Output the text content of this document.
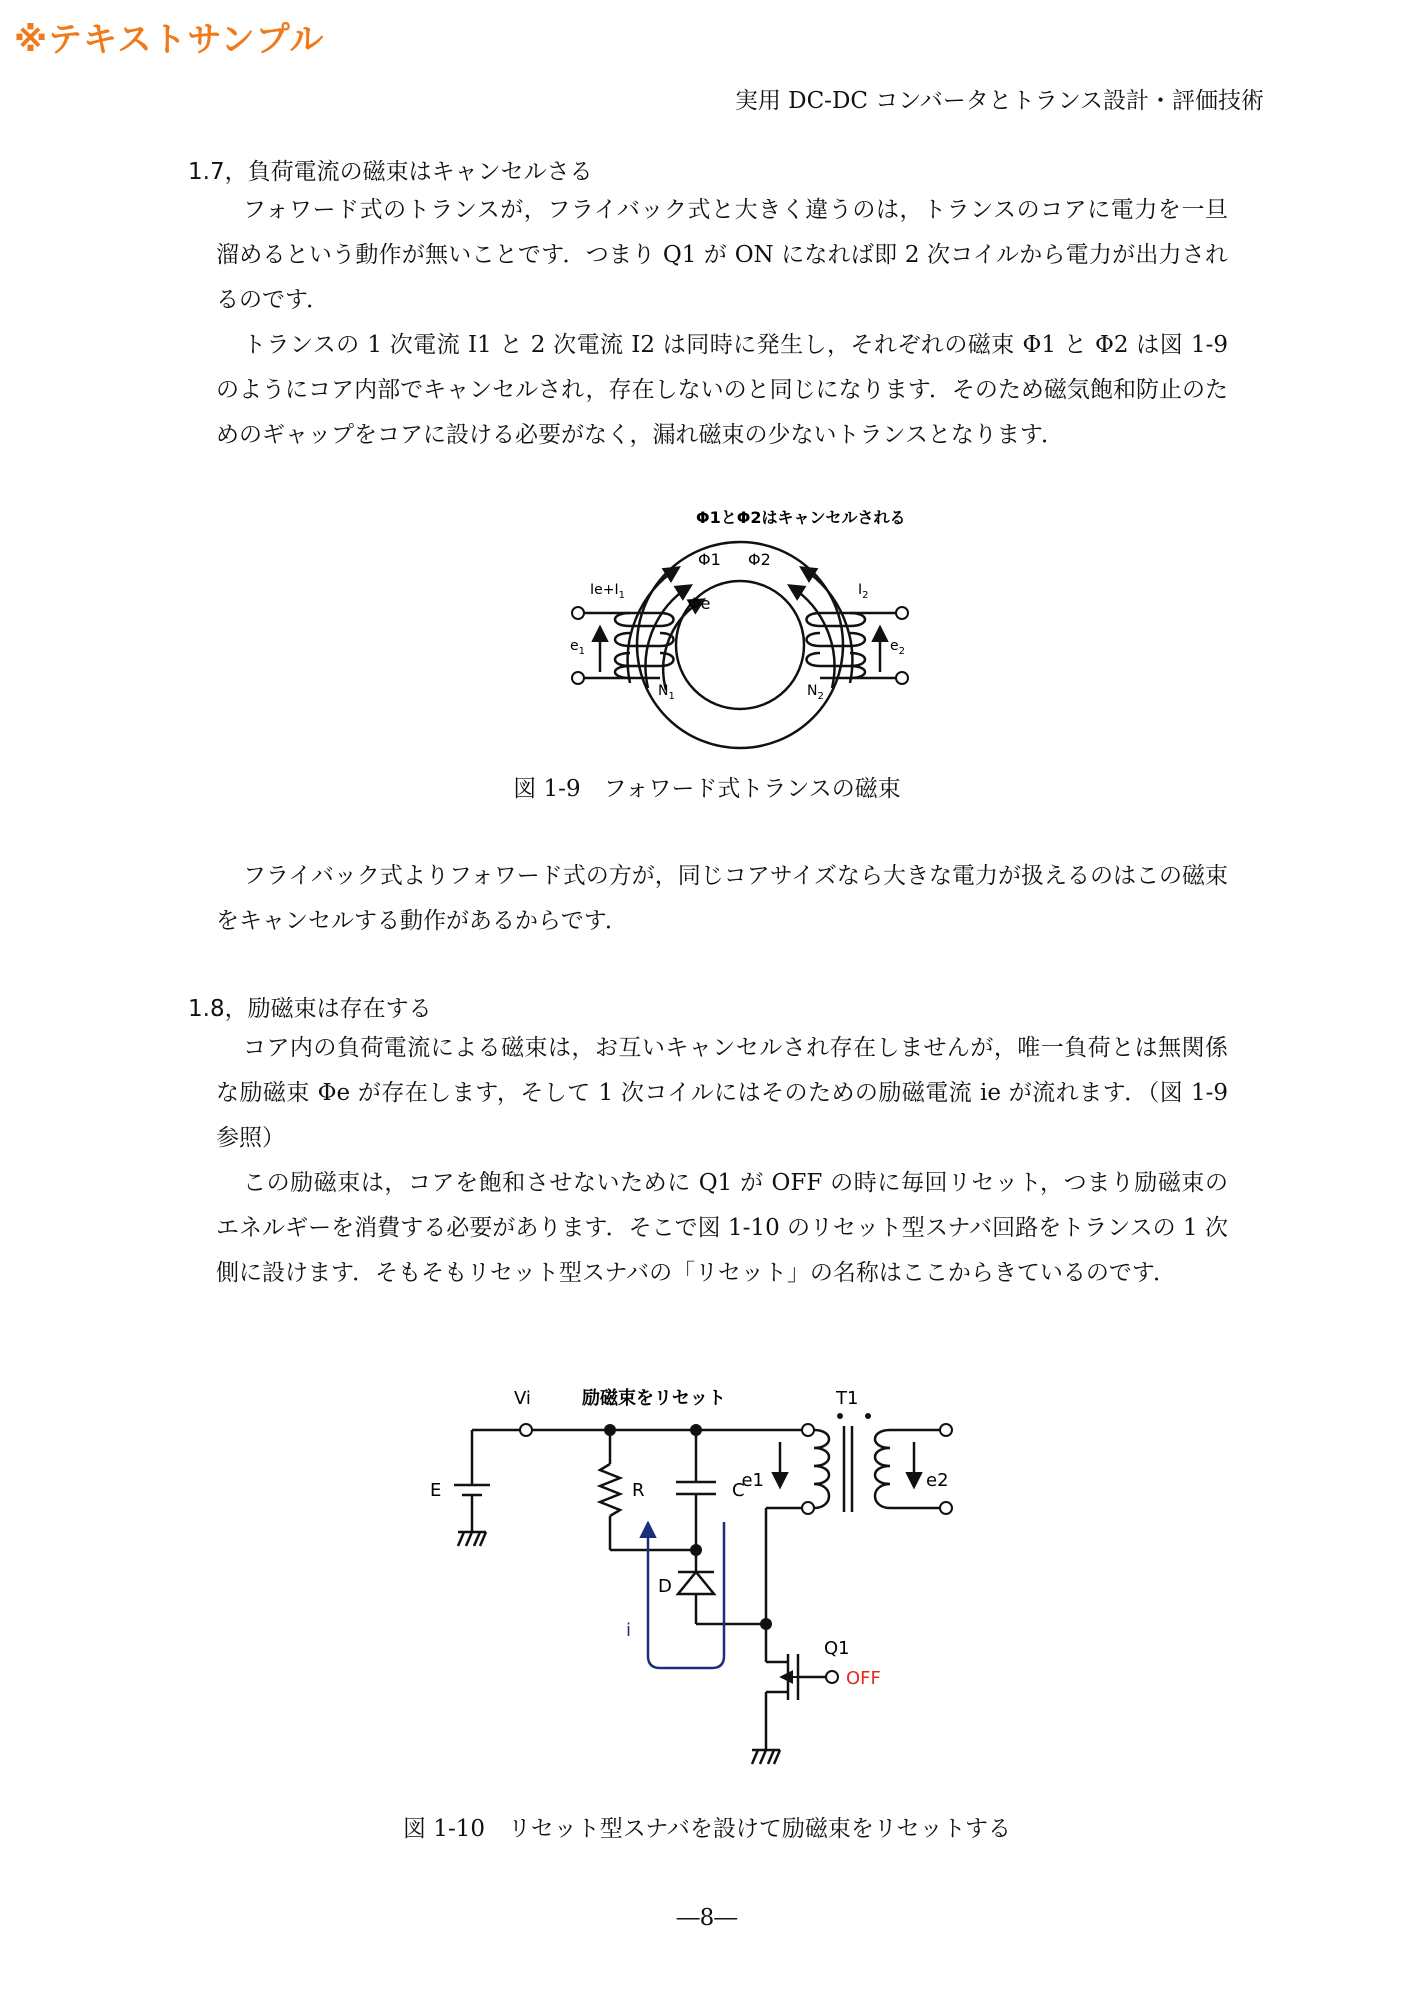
※テキストサンプル
実用 DC-DC コンバータとトランス設計・評価技術
1.7，負荷電流の磁束はキャンセルさる

フォワード式のトランスが，フライバック式と大きく違うのは，トランスのコアに電力を一旦溜めるという動作が無いことです．つまり Q1 が ON になれば即 2 次コイルから電力が出力されるのです．

トランスの 1 次電流 I1 と 2 次電流 I2 は同時に発生し，それぞれの磁束 Φ1 と Φ2 は図 1-9 のようにコア内部でキャンセルされ，存在しないのと同じになります．そのため磁気飽和防止のためのギャップをコアに設ける必要がなく，漏れ磁束の少ないトランスとなります．

Φ1とΦ2はキャンセルされる
Φ1 Φ2
Φe
$Ie+I_1$	$I_2$
$e_1$	$e_2$
$N_1$	$N_2$
図 1-9　フォワード式トランスの磁束

フライバック式よりフォワード式の方が，同じコアサイズなら大きな電力が扱えるのはこの磁束をキャンセルする動作があるからです．

1.8，励磁束は存在する

コア内の負荷電流による磁束は，お互いキャンセルされ存在しませんが，唯一負荷とは無関係な励磁束 Φe が存在します，そして 1 次コイルにはそのための励磁電流 ie が流れます．（図 1-9 参照）

この励磁束は，コアを飽和させないために Q1 が OFF の時に毎回リセット，つまり励磁束のエネルギーを消費する必要があります．そこで図 1-10 のリセット型スナバ回路をトランスの 1 次側に設けます．そもそもリセット型スナバの「リセット」の名称はここからきているのです．

Vi	励磁束をリセット	T1
E	R	C
e1	e2
D
i
Q1
OFF
図 1-10　リセット型スナバを設けて励磁束をリセットする
―8―
